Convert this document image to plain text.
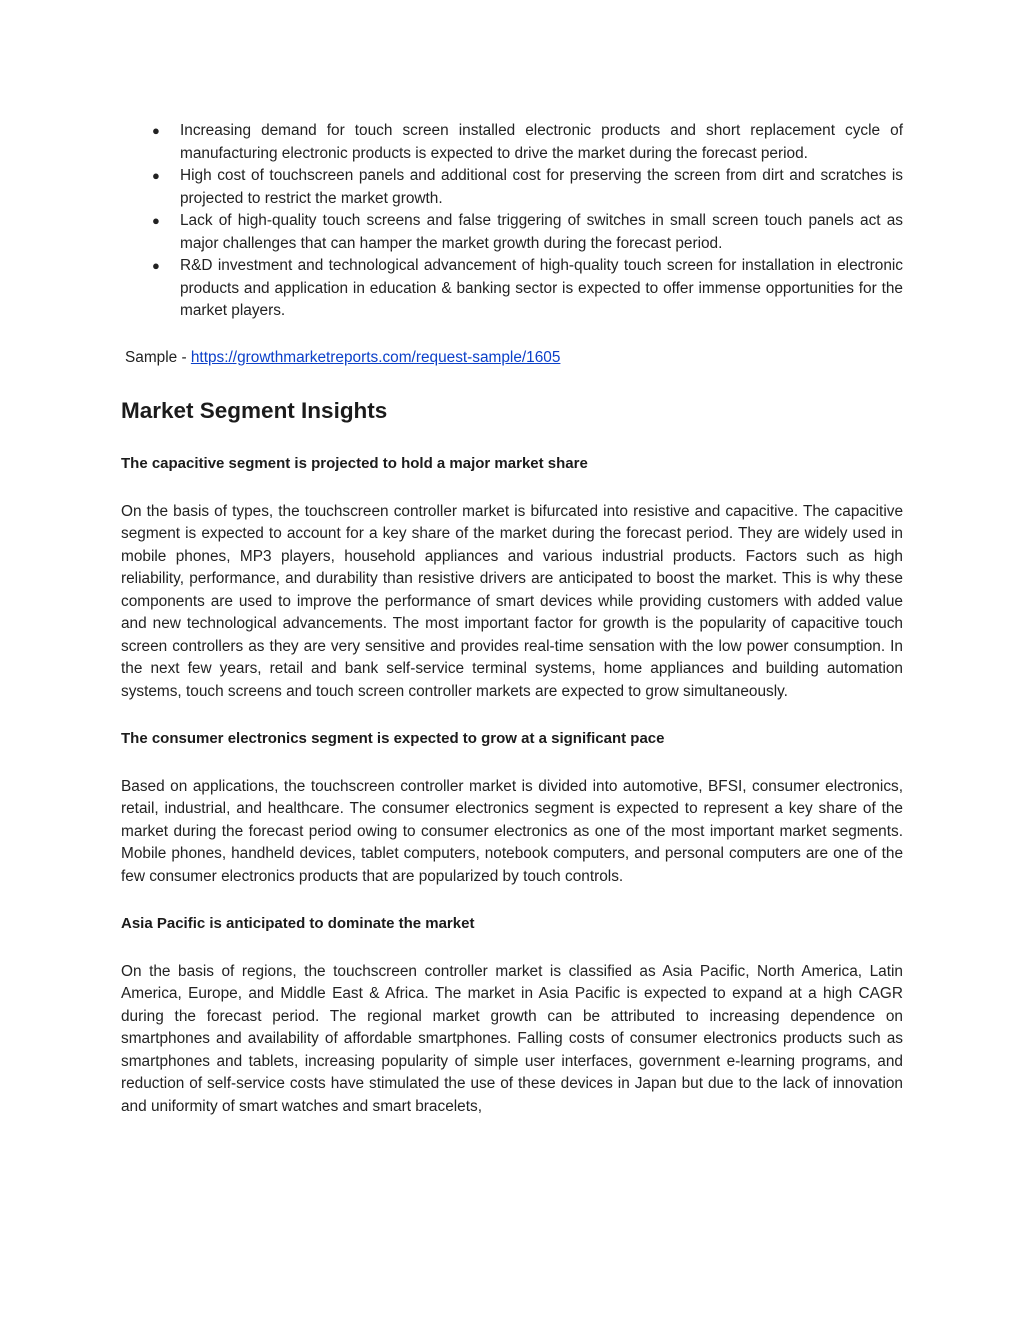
● Increasing demand for touch screen installed electronic products and short replacement cycle of manufacturing electronic products is expected to drive the market during the forecast period.
● High cost of touchscreen panels and additional cost for preserving the screen from dirt and scratches is projected to restrict the market growth.
● Lack of high-quality touch screens and false triggering of switches in small screen touch panels act as major challenges that can hamper the market growth during the forecast period.
● R&D investment and technological advancement of high-quality touch screen for installation in electronic products and application in education & banking sector is expected to offer immense opportunities for the market players.
Sample - https://growthmarketreports.com/request-sample/1605
Market Segment Insights
The capacitive segment is projected to hold a major market share

On the basis of types, the touchscreen controller market is bifurcated into resistive and capacitive. The capacitive segment is expected to account for a key share of the market during the forecast period. They are widely used in mobile phones, MP3 players, household appliances and various industrial products. Factors such as high reliability, performance, and durability than resistive drivers are anticipated to boost the market. This is why these components are used to improve the performance of smart devices while providing customers with added value and new technological advancements. The most important factor for growth is the popularity of capacitive touch screen controllers as they are very sensitive and provides real-time sensation with the low power consumption. In the next few years, retail and bank self-service terminal systems, home appliances and building automation systems, touch screens and touch screen controller markets are expected to grow simultaneously.

The consumer electronics segment is expected to grow at a significant pace

Based on applications, the touchscreen controller market is divided into automotive, BFSI, consumer electronics, retail, industrial, and healthcare. The consumer electronics segment is expected to represent a key share of the market during the forecast period owing to consumer electronics as one of the most important market segments. Mobile phones, handheld devices, tablet computers, notebook computers, and personal computers are one of the few consumer electronics products that are popularized by touch controls.

Asia Pacific is anticipated to dominate the market

On the basis of regions, the touchscreen controller market is classified as Asia Pacific, North America, Latin America, Europe, and Middle East & Africa. The market in Asia Pacific is expected to expand at a high CAGR during the forecast period. The regional market growth can be attributed to increasing dependence on smartphones and availability of affordable smartphones. Falling costs of consumer electronics products such as smartphones and tablets, increasing popularity of simple user interfaces, government e-learning programs, and reduction of self-service costs have stimulated the use of these devices in Japan but due to the lack of innovation and uniformity of smart watches and smart bracelets,
